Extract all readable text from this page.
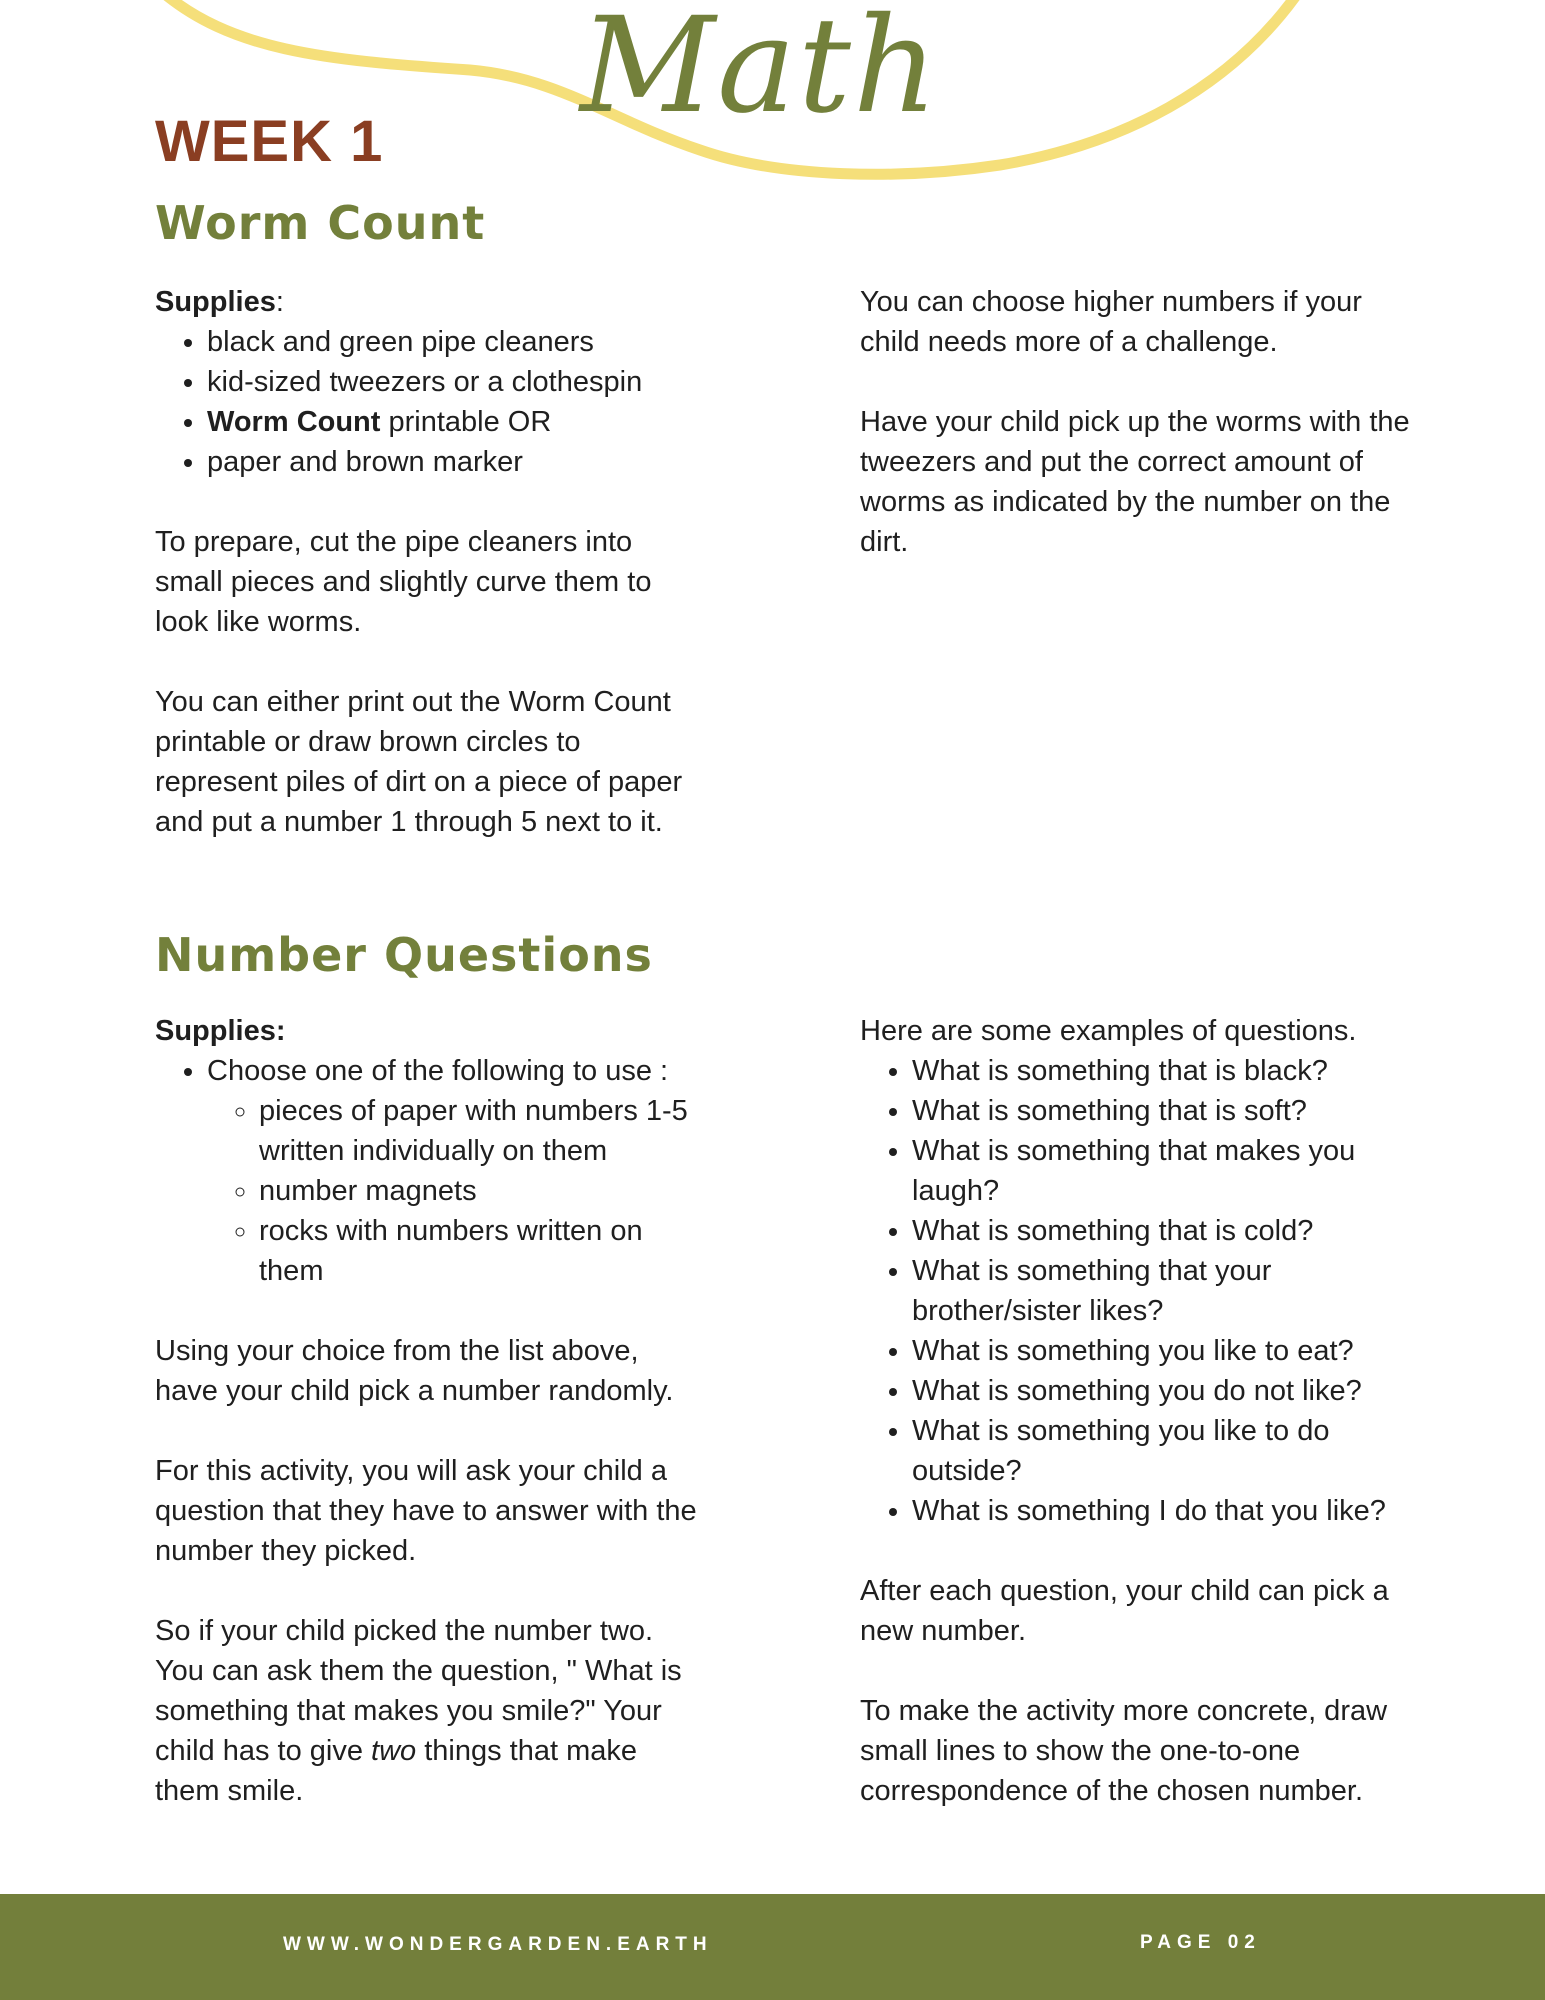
Math
WEEK 1
Worm Count

Supplies:

• black and green pipe cleaners
• kid-sized tweezers or a clothespin
• Worm Count printable OR
• paper and brown marker

To prepare, cut the pipe cleaners into small pieces and slightly curve them to look like worms.

You can either print out the Worm Count printable or draw brown circles to represent piles of dirt on a piece of paper and put a number 1 through 5 next to it.

You can choose higher numbers if your child needs more of a challenge.

Have your child pick up the worms with the tweezers and put the correct amount of worms as indicated by the number on the dirt.

Number Questions

Supplies:

• Choose one of the following to use :
◦ pieces of paper with numbers 1-5 written individually on them
◦ number magnets
◦ rocks with numbers written on them

Using your choice from the list above, have your child pick a number randomly.

For this activity, you will ask your child a question that they have to answer with the number they picked.

So if your child picked the number two. You can ask them the question, " What is something that makes you smile?" Your child has to give two things that make them smile.

Here are some examples of questions.

• What is something that is black?
• What is something that is soft?
• What is something that makes you laugh?
• What is something that is cold?
• What is something that your brother/sister likes?
• What is something you like to eat?
• What is something you do not like?
• What is something you like to do outside?
• What is something I do that you like?

After each question, your child can pick a new number.

To make the activity more concrete, draw small lines to show the one-to-one correspondence of the chosen number.

WWW.WONDERGARDEN.EARTH	PAGE 02
